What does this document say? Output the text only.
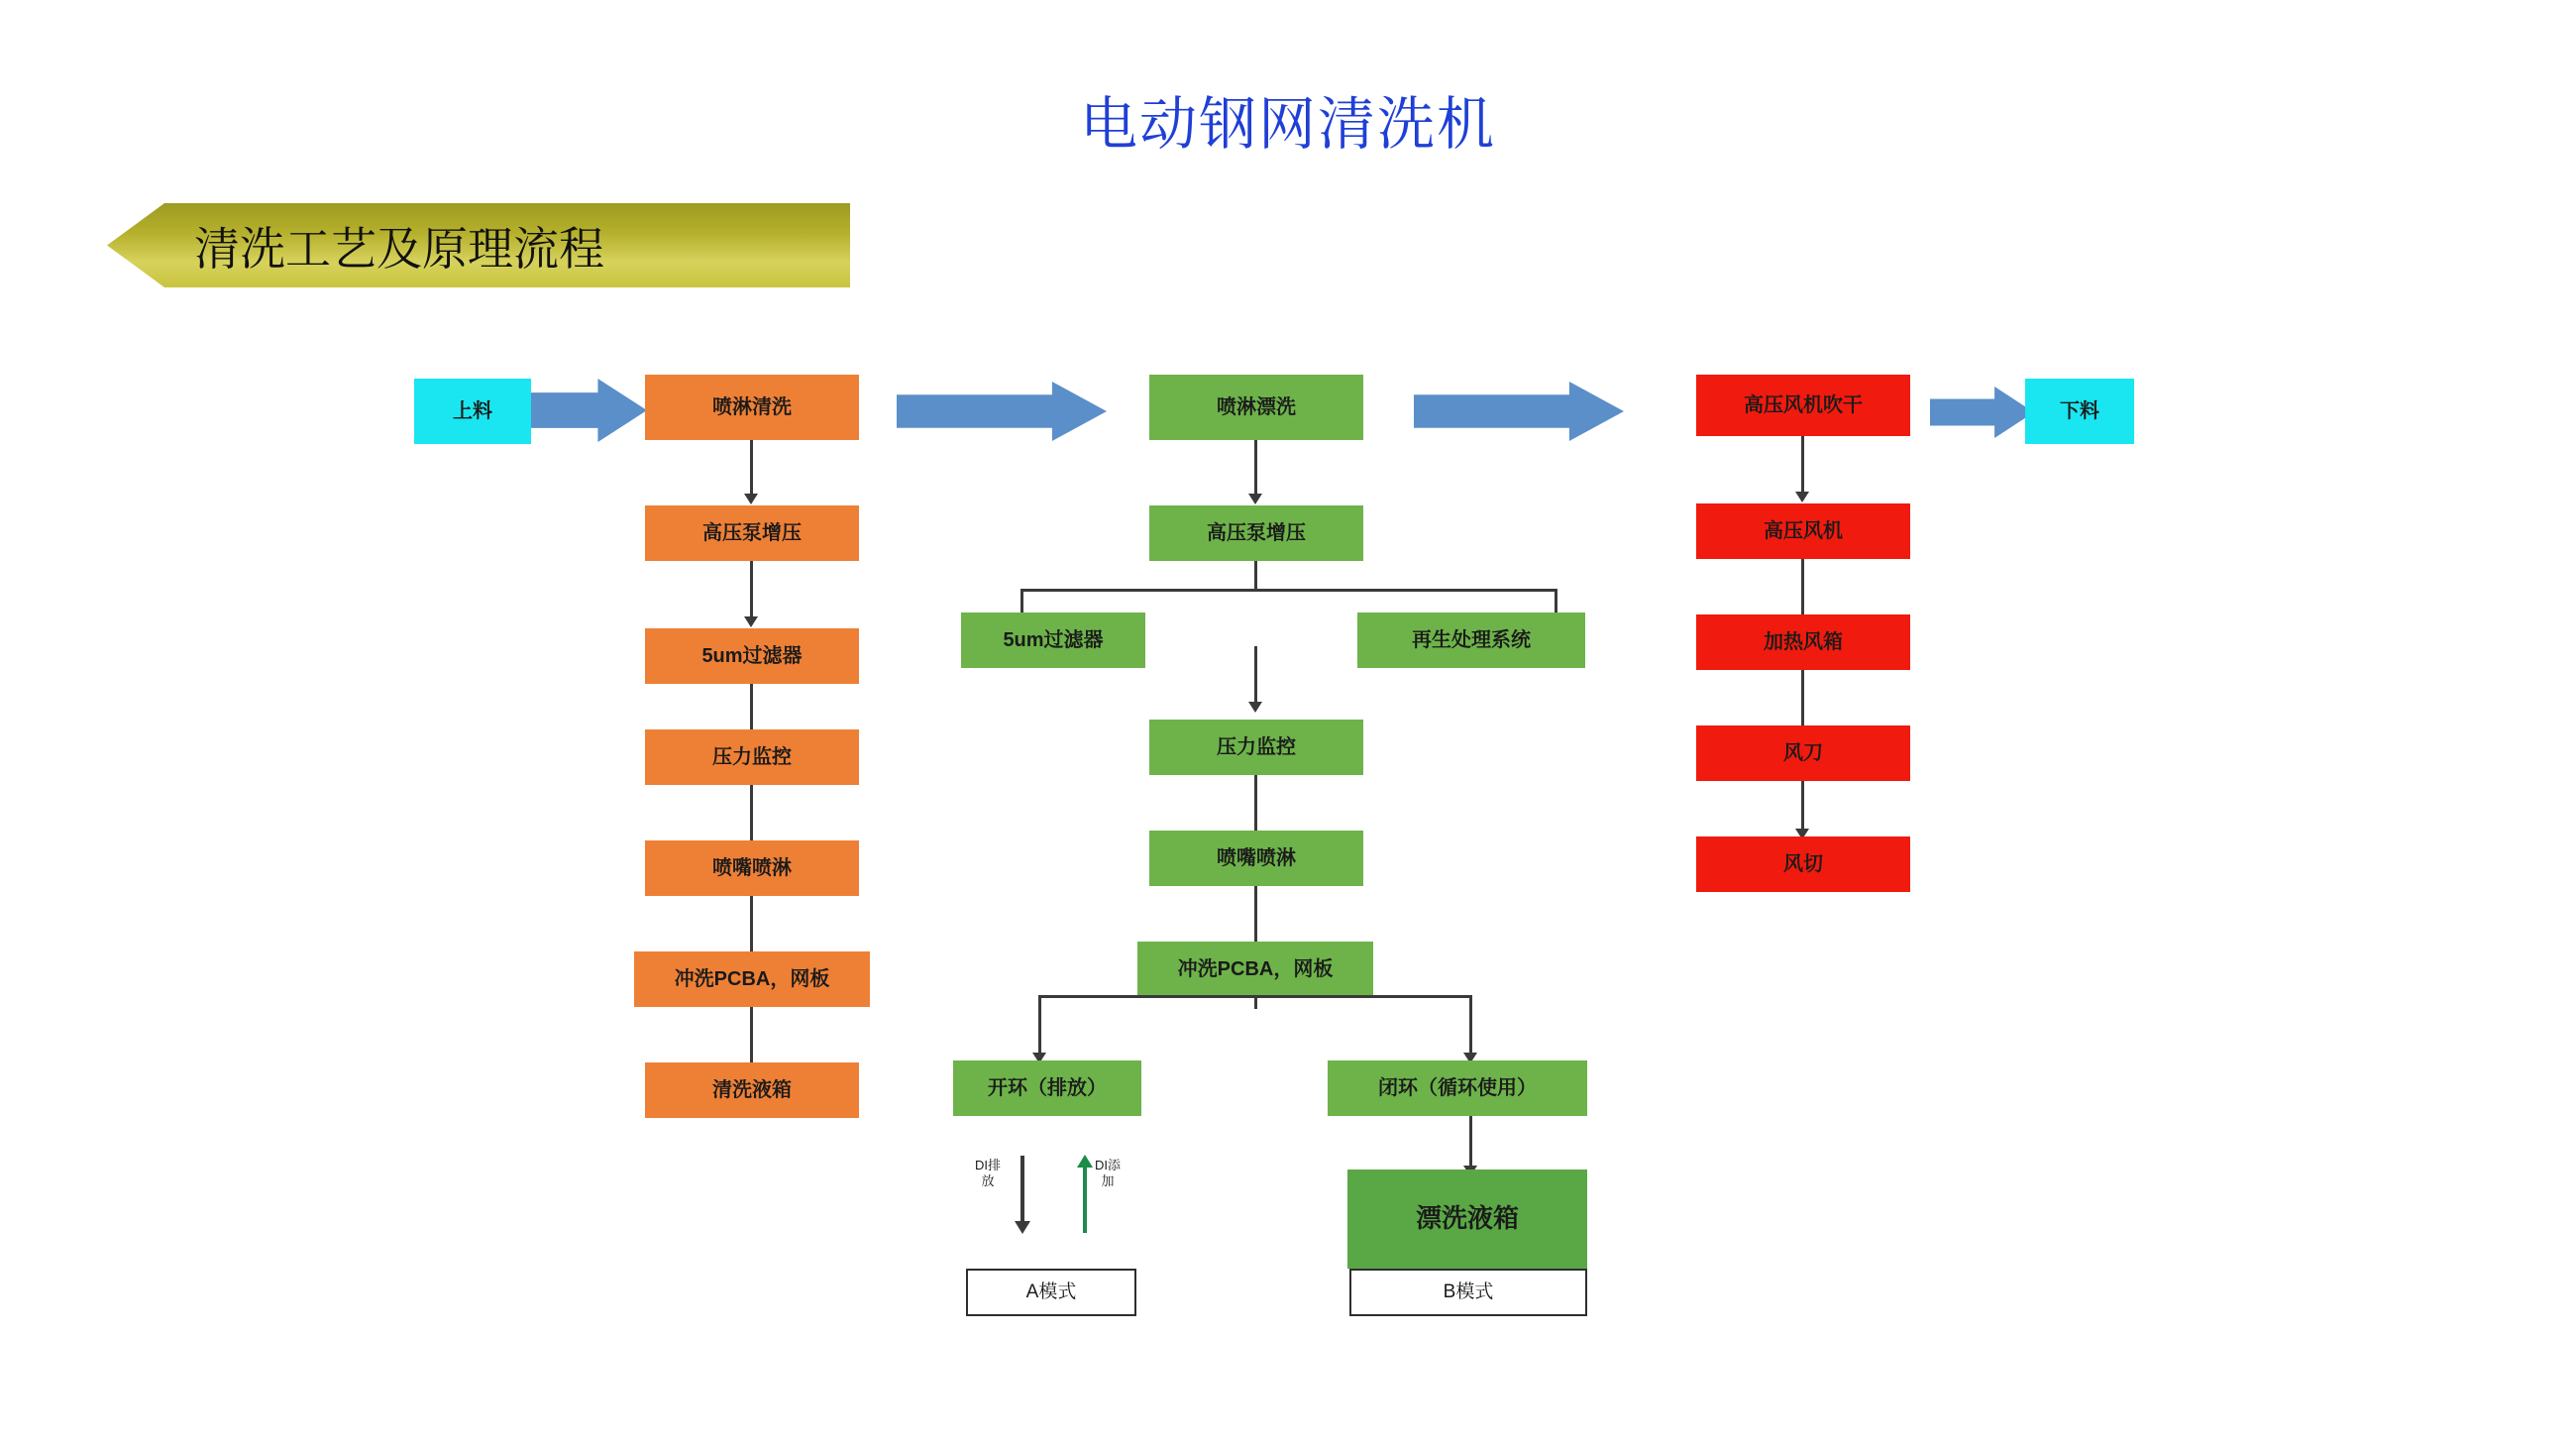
电动钢网清洗机
清洗工艺及原理流程
上料	下料
喷淋清洗
高压泵增压
5um过滤器
压力监控
喷嘴喷淋
冲洗PCBA，网板
清洗液箱
喷淋漂洗
高压泵增压
5um过滤器	再生处理系统
压力监控
喷嘴喷淋
冲洗PCBA，网板
开环（排放）	闭环（循环使用）
漂洗液箱
DI排放
DI添加
A模式	B模式
高压风机吹干
高压风机
加热风箱
风刀
风切
